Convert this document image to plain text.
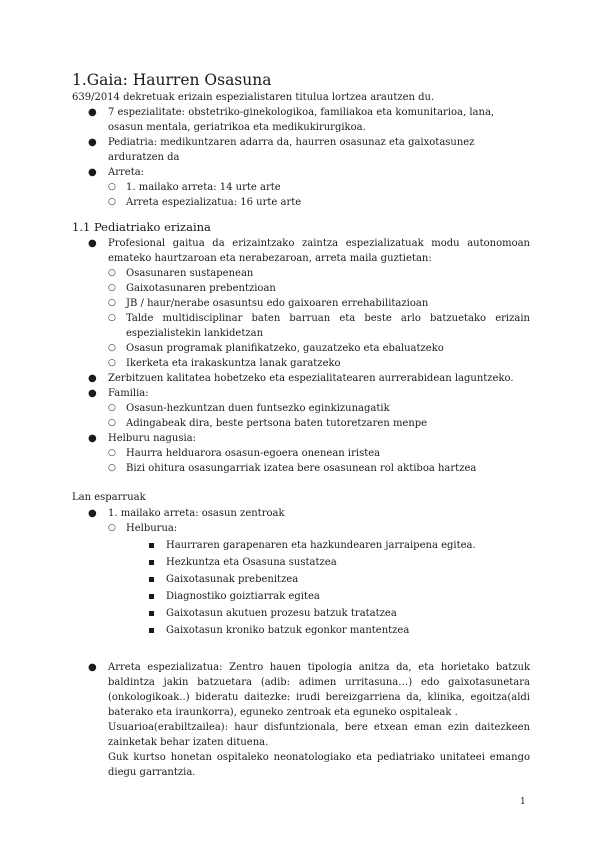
1.Gaia: Haurren Osasuna

639/2014 dekretuak erizain espezialistaren titulua lortzea arautzen du.

● 7 espezialitate: obstetriko-ginekologikoa, familiakoa eta komunitarioa, lana, osasun mentala, geriatrikoa eta medikukirurgikoa.
● Pediatria: medikuntzaren adarra da, haurren osasunaz eta gaixotasunez arduratzen da
● Arreta:
○ 1. mailako arreta: 14 urte arte
○ Arreta espezializatua: 16 urte arte
1.1 Pediatriako erizaina
● Profesional gaitua da erizaintzako zaintza espezializatuak modu autonomoan emateko haurtzaroan eta nerabezaroan, arreta maila guztietan:
○ Osasunaren sustapenean
○ Gaixotasunaren prebentzioan
○ JB / haur/nerabe osasuntsu edo gaixoaren errehabilitazioan
○ Talde multidisciplinar baten barruan eta beste arlo batzuetako erizain espezialistekin lankidetzan
○ Osasun programak planifikatzeko, gauzatzeko eta ebaluatzeko
○ Ikerketa eta irakaskuntza lanak garatzeko
● Zerbitzuen kalitatea hobetzeko eta espezialitatearen aurrerabidean laguntzeko.
● Familia:
○ Osasun-hezkuntzan duen funtsezko eginkizunagatik
○ Adingabeak dira, beste pertsona baten tutoretzaren menpe
● Helburu nagusia:
○ Haurra helduarora osasun-egoera onenean iristea
○ Bizi ohitura osasungarriak izatea bere osasunean rol aktiboa hartzea
Lan esparruak
● 1. mailako arreta: osasun zentroak
○ Helburua:
Haurraren garapenaren eta hazkundearen jarraipena egitea.
Hezkuntza eta Osasuna sustatzea
Gaixotasunak prebenitzea
Diagnostiko goiztiarrak egitea
Gaixotasun akutuen prozesu batzuk tratatzea
Gaixotasun kroniko batzuk egonkor mantentzea
● Arreta espezializatua: Zentro hauen tipologia anitza da, eta horietako batzuk baldintza jakin batzuetara (adib: adimen urritasuna…) edo gaixotasunetara (onkologikoak..) bideratu daitezke: irudi bereizgarriena da, klinika, egoitza(aldi baterako eta iraunkorra), eguneko zentroak eta eguneko ospitaleak .
Usuarioa(erabiltzailea): haur disfuntzionala, bere etxean eman ezin daitezkeen zainketak behar izaten dituena.
Guk kurtso honetan ospitaleko neonatologiako eta pediatriako unitateei emango diegu garrantzia.
1
